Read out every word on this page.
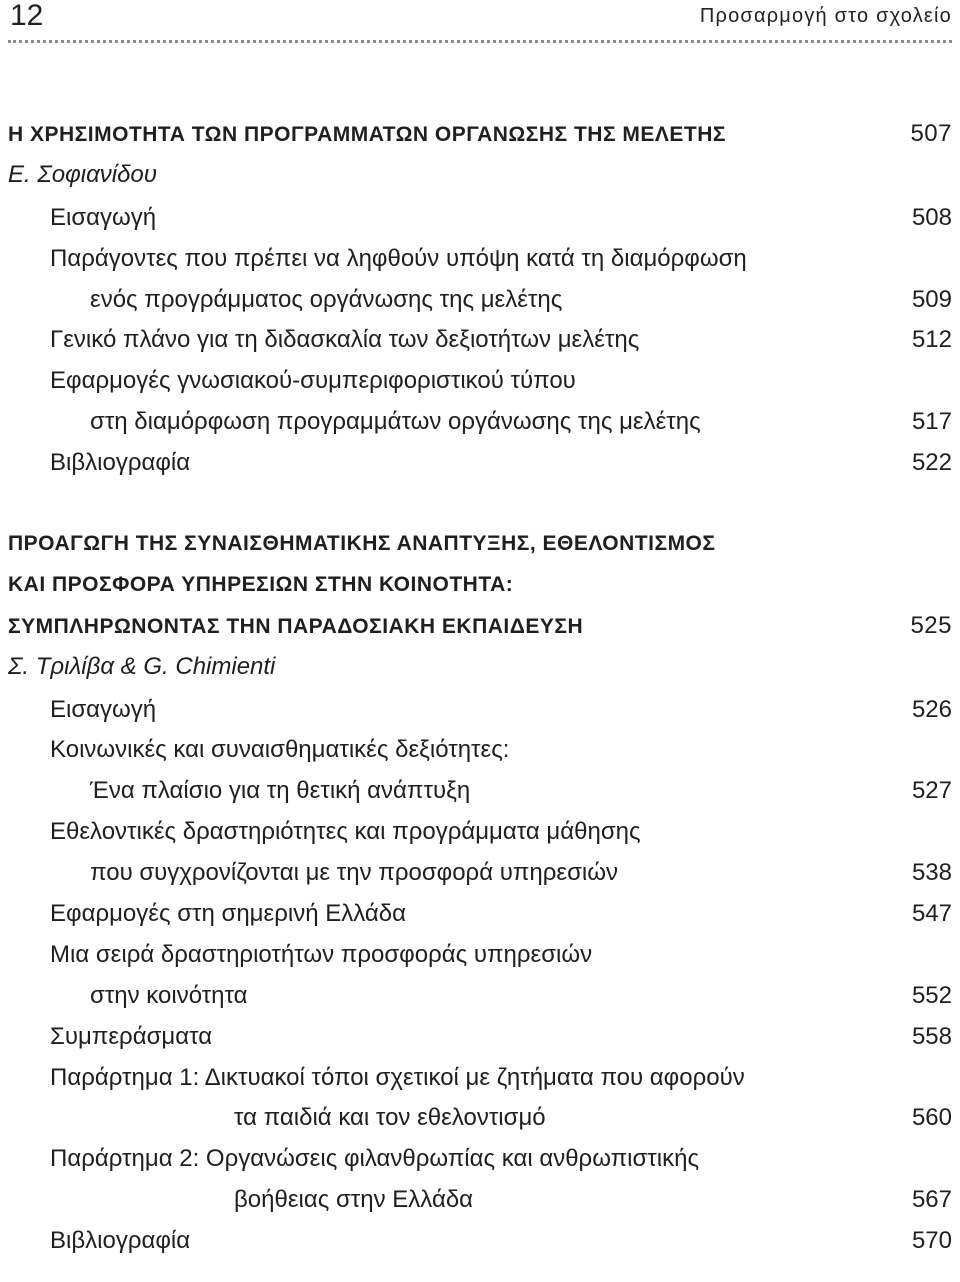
12	Προσαρμογή στο σχολείο
Η ΧΡΗΣΙΜΟΤΗΤΑ ΤΩΝ ΠΡΟΓΡΑΜΜΑΤΩΝ ΟΡΓΑΝΩΣΗΣ ΤΗΣ ΜΕΛΕΤΗΣ .....	507
Ε. Σοφιανίδου
Εισαγωγή .....	508
Παράγοντες που πρέπει να ληφθούν υπόψη κατά τη διαμόρφωση
ενός προγράμματος οργάνωσης της μελέτης .....	509
Γενικό πλάνο για τη διδασκαλία των δεξιοτήτων μελέτης .....	512
Εφαρμογές γνωσιακού-συμπεριφοριστικού τύπου
στη διαμόρφωση προγραμμάτων οργάνωσης της μελέτης .....	517
Βιβλιογραφία .....	522
ΠΡΟΑΓΩΓΗ ΤΗΣ ΣΥΝΑΙΣΘΗΜΑΤΙΚΗΣ ΑΝΑΠΤΥΞΗΣ, ΕΘΕΛΟΝΤΙΣΜΟΣ
ΚΑΙ ΠΡΟΣΦΟΡΑ ΥΠΗΡΕΣΙΩΝ ΣΤΗΝ ΚΟΙΝΟΤΗΤΑ:
ΣΥΜΠΛΗΡΩΝΟΝΤΑΣ ΤΗΝ ΠΑΡΑΔΟΣΙΑΚΗ ΕΚΠΑΙΔΕΥΣΗ .....	525
Σ. Τριλίβα & G. Chimienti
Εισαγωγή .....	526
Κοινωνικές και συναισθηματικές δεξιότητες:
Ένα πλαίσιο για τη θετική ανάπτυξη .....	527
Εθελοντικές δραστηριότητες και προγράμματα μάθησης
που συγχρονίζονται με την προσφορά υπηρεσιών .....	538
Εφαρμογές στη σημερινή Ελλάδα .....	547
Μια σειρά δραστηριοτήτων προσφοράς υπηρεσιών
στην κοινότητα .....	552
Συμπεράσματα .....	558
Παράρτημα 1: Δικτυακοί τόποι σχετικοί με ζητήματα που αφορούν
τα παιδιά και τον εθελοντισμό .....	560
Παράρτημα 2: Οργανώσεις φιλανθρωπίας και ανθρωπιστικής
βοήθειας στην Ελλάδα .....	567
Βιβλιογραφία .....	570
